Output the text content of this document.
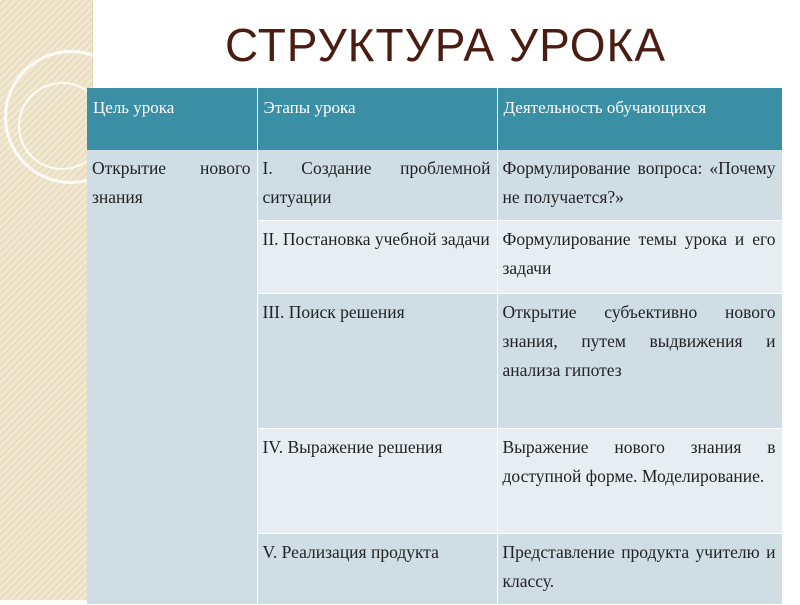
СТРУКТУРА УРОКА
Цель урока	Этапы урока	Деятельность обучающихся
Открытие нового знания	I. Создание проблемной ситуации	Формулирование вопроса: «Почему не получается?»
	II. Постановка учебной задачи	Формулирование темы урока и его задачи
	III. Поиск решения	Открытие субъективно нового знания, путем выдвижения и анализа гипотез
	IV. Выражение решения	Выражение нового знания в доступной форме. Моделирование.
	V. Реализация продукта	Представление продукта учителю и классу.
